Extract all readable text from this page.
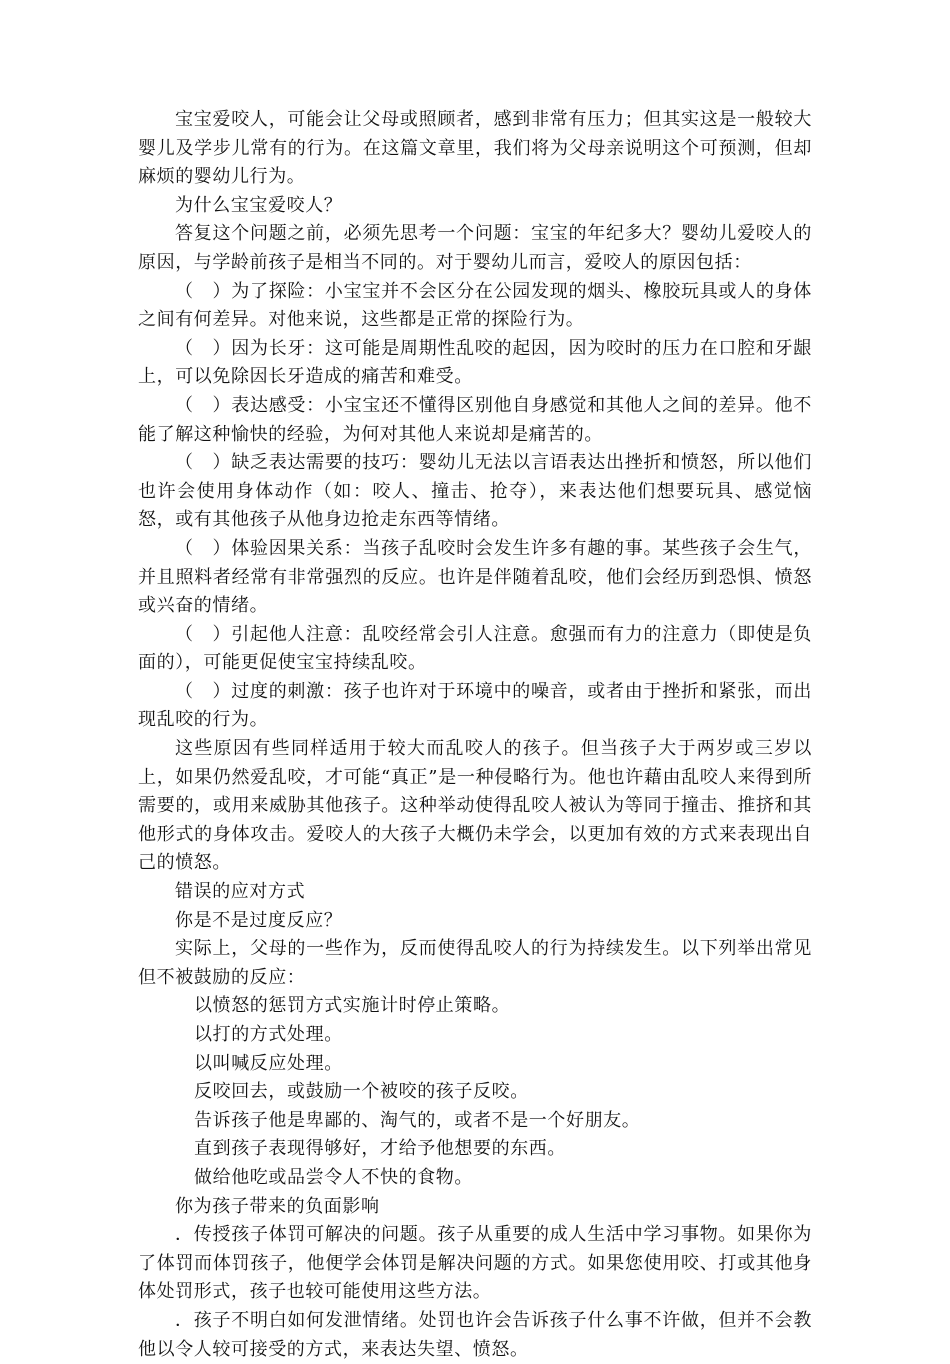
宝宝爱咬人，可能会让父母或照顾者，感到非常有压力；但其实这是一般较大婴儿及学步儿常有的行为。在这篇文章里，我们将为父母亲说明这个可预测，但却麻烦的婴幼儿行为。

为什么宝宝爱咬人？

答复这个问题之前，必须先思考一个问题：宝宝的年纪多大？婴幼儿爱咬人的原因，与学龄前孩子是相当不同的。对于婴幼儿而言，爱咬人的原因包括：

（　）为了探险：小宝宝并不会区分在公园发现的烟头、橡胶玩具或人的身体之间有何差异。对他来说，这些都是正常的探险行为。

（　）因为长牙：这可能是周期性乱咬的起因，因为咬时的压力在口腔和牙龈上，可以免除因长牙造成的痛苦和难受。

（　）表达感受：小宝宝还不懂得区别他自身感觉和其他人之间的差异。他不能了解这种愉快的经验，为何对其他人来说却是痛苦的。

（　）缺乏表达需要的技巧：婴幼儿无法以言语表达出挫折和愤怒，所以他们也许会使用身体动作（如：咬人、撞击、抢夺），来表达他们想要玩具、感觉恼怒，或有其他孩子从他身边抢走东西等情绪。

（　）体验因果关系：当孩子乱咬时会发生许多有趣的事。某些孩子会生气，并且照料者经常有非常强烈的反应。也许是伴随着乱咬，他们会经历到恐惧、愤怒或兴奋的情绪。

（　）引起他人注意：乱咬经常会引人注意。愈强而有力的注意力（即使是负面的），可能更促使宝宝持续乱咬。

（　）过度的刺激：孩子也许对于环境中的噪音，或者由于挫折和紧张，而出现乱咬的行为。

这些原因有些同样适用于较大而乱咬人的孩子。但当孩子大于两岁或三岁以上，如果仍然爱乱咬，才可能“真正”是一种侵略行为。他也许藉由乱咬人来得到所需要的，或用来威胁其他孩子。这种举动使得乱咬人被认为等同于撞击、推挤和其他形式的身体攻击。爱咬人的大孩子大概仍未学会，以更加有效的方式来表现出自己的愤怒。

错误的应对方式

你是不是过度反应？

实际上，父母的一些作为，反而使得乱咬人的行为持续发生。以下列举出常见但不被鼓励的反应：

以愤怒的惩罚方式实施计时停止策略。

以打的方式处理。

以叫喊反应处理。

反咬回去，或鼓励一个被咬的孩子反咬。

告诉孩子他是卑鄙的、淘气的，或者不是一个好朋友。

直到孩子表现得够好，才给予他想要的东西。

做给他吃或品尝令人不快的食物。

你为孩子带来的负面影响

．传授孩子体罚可解决的问题。孩子从重要的成人生活中学习事物。如果你为了体罚而体罚孩子，他便学会体罚是解决问题的方式。如果您使用咬、打或其他身体处罚形式，孩子也较可能使用这些方法。

．孩子不明白如何发泄情绪。处罚也许会告诉孩子什么事不许做，但并不会教他以令人较可接受的方式，来表达失望、愤怒。
